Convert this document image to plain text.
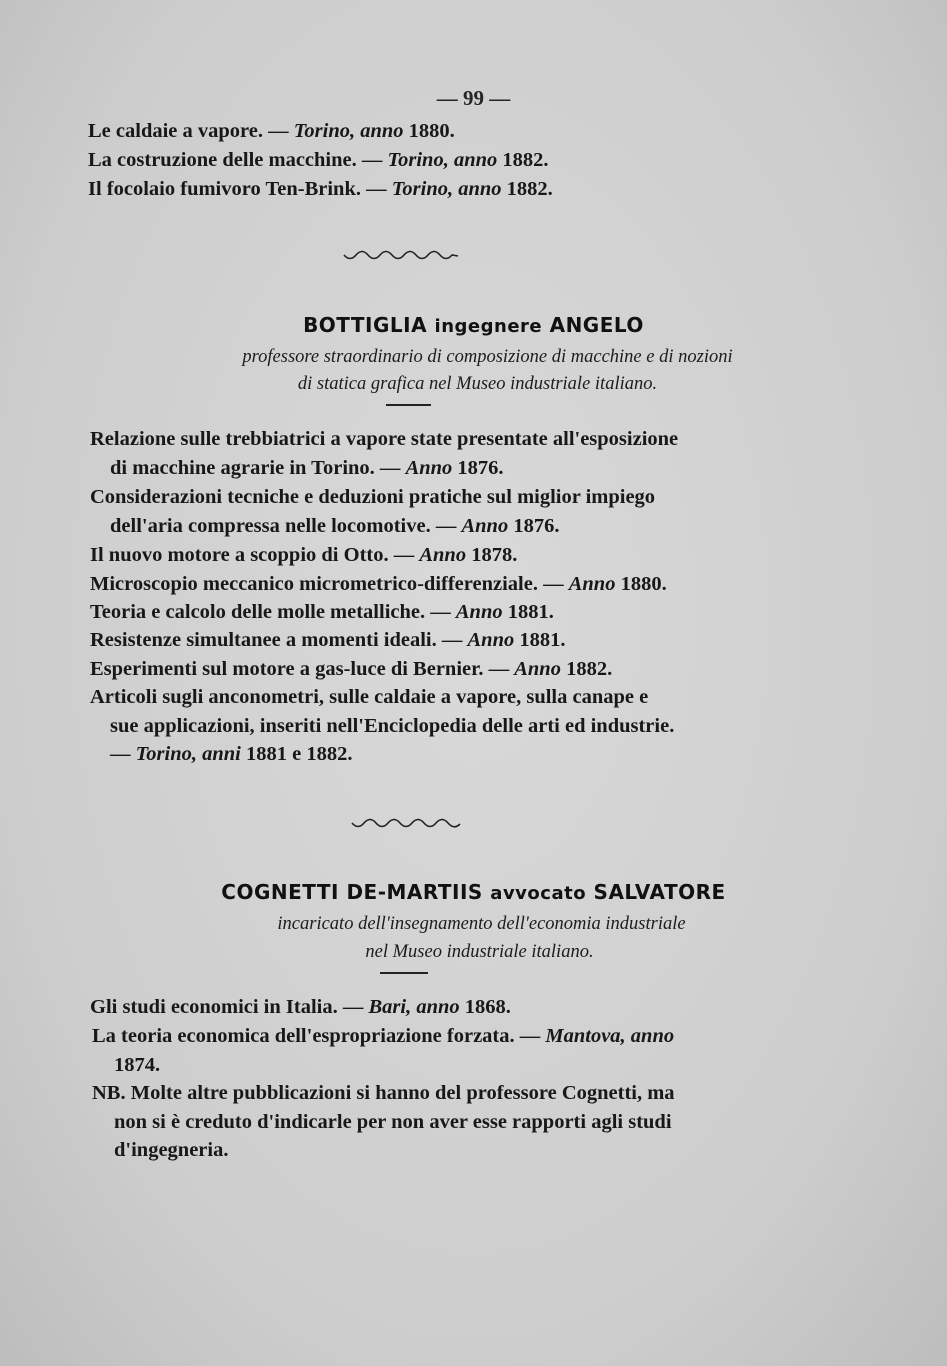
— 99 —
Le caldaie a vapore. — Torino, anno 1880.
La costruzione delle macchine. — Torino, anno 1882.
Il focolaio fumivoro Ten-Brink. — Torino, anno 1882.
BOTTIGLIA ingegnere ANGELO
professore straordinario di composizione di macchine e di nozioni
di statica grafica nel Museo industriale italiano.
Relazione sulle trebbiatrici a vapore state presentate all'esposizione
di macchine agrarie in Torino. — Anno 1876.
Considerazioni tecniche e deduzioni pratiche sul miglior impiego
dell'aria compressa nelle locomotive. — Anno 1876.
Il nuovo motore a scoppio di Otto. — Anno 1878.
Microscopio meccanico micrometrico-differenziale. — Anno 1880.
Teoria e calcolo delle molle metalliche. — Anno 1881.
Resistenze simultanee a momenti ideali. — Anno 1881.
Esperimenti sul motore a gas-luce di Bernier. — Anno 1882.
Articoli sugli anconometri, sulle caldaie a vapore, sulla canape e
sue applicazioni, inseriti nell'Enciclopedia delle arti ed industrie.
— Torino, anni 1881 e 1882.
COGNETTI DE-MARTIIS avvocato SALVATORE
incaricato dell'insegnamento dell'economia industriale
nel Museo industriale italiano.
Gli studi economici in Italia. — Bari, anno 1868.
La teoria economica dell'espropriazione forzata. — Mantova, anno
1874.
NB. Molte altre pubblicazioni si hanno del professore Cognetti, ma
non si è creduto d'indicarle per non aver esse rapporti agli studi
d'ingegneria.
